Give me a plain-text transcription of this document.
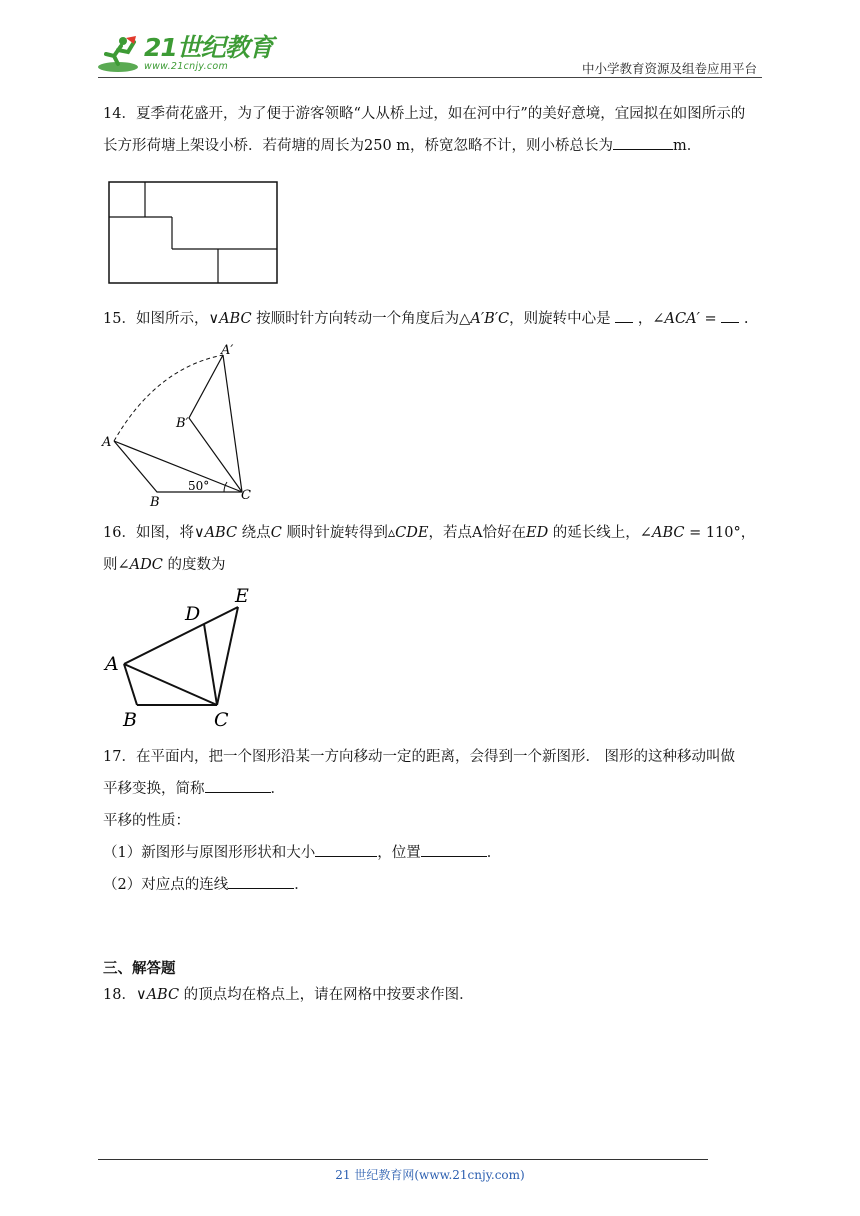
21世纪教育
www.21cnjy.com	中小学教育资源及组卷应用平台
14．夏季荷花盛开，为了便于游客领略“人从桥上过，如在河中行”的美好意境，宜园拟在如图所示的
长方形荷塘上架设小桥．若荷塘的周长为250 m，桥宽忽略不计，则小桥总长为	m．
15．如图所示，∨ABC 按顺时针方向转动一个角度后为△A′B′C，则旋转中心是  ，∠ACA′ =  .
A
B	C
A′
B′
50°
16．如图，将∨ABC 绕点C 顺时针旋转得到▵CDE，若点A恰好在ED 的延长线上，∠ABC = 110°，
则∠ADC 的度数为
A
B	C
D
E
17．在平面内，把一个图形沿某一方向移动一定的距离，会得到一个新图形． 图形的这种移动叫做
平移变换，简称	．
平移的性质：
（1）新图形与原图形形状和大小	，位置	．
（2）对应点的连线	．
三、解答题
18．∨ABC 的顶点均在格点上，请在网格中按要求作图．
21 世纪教育网(www.21cnjy.com)
